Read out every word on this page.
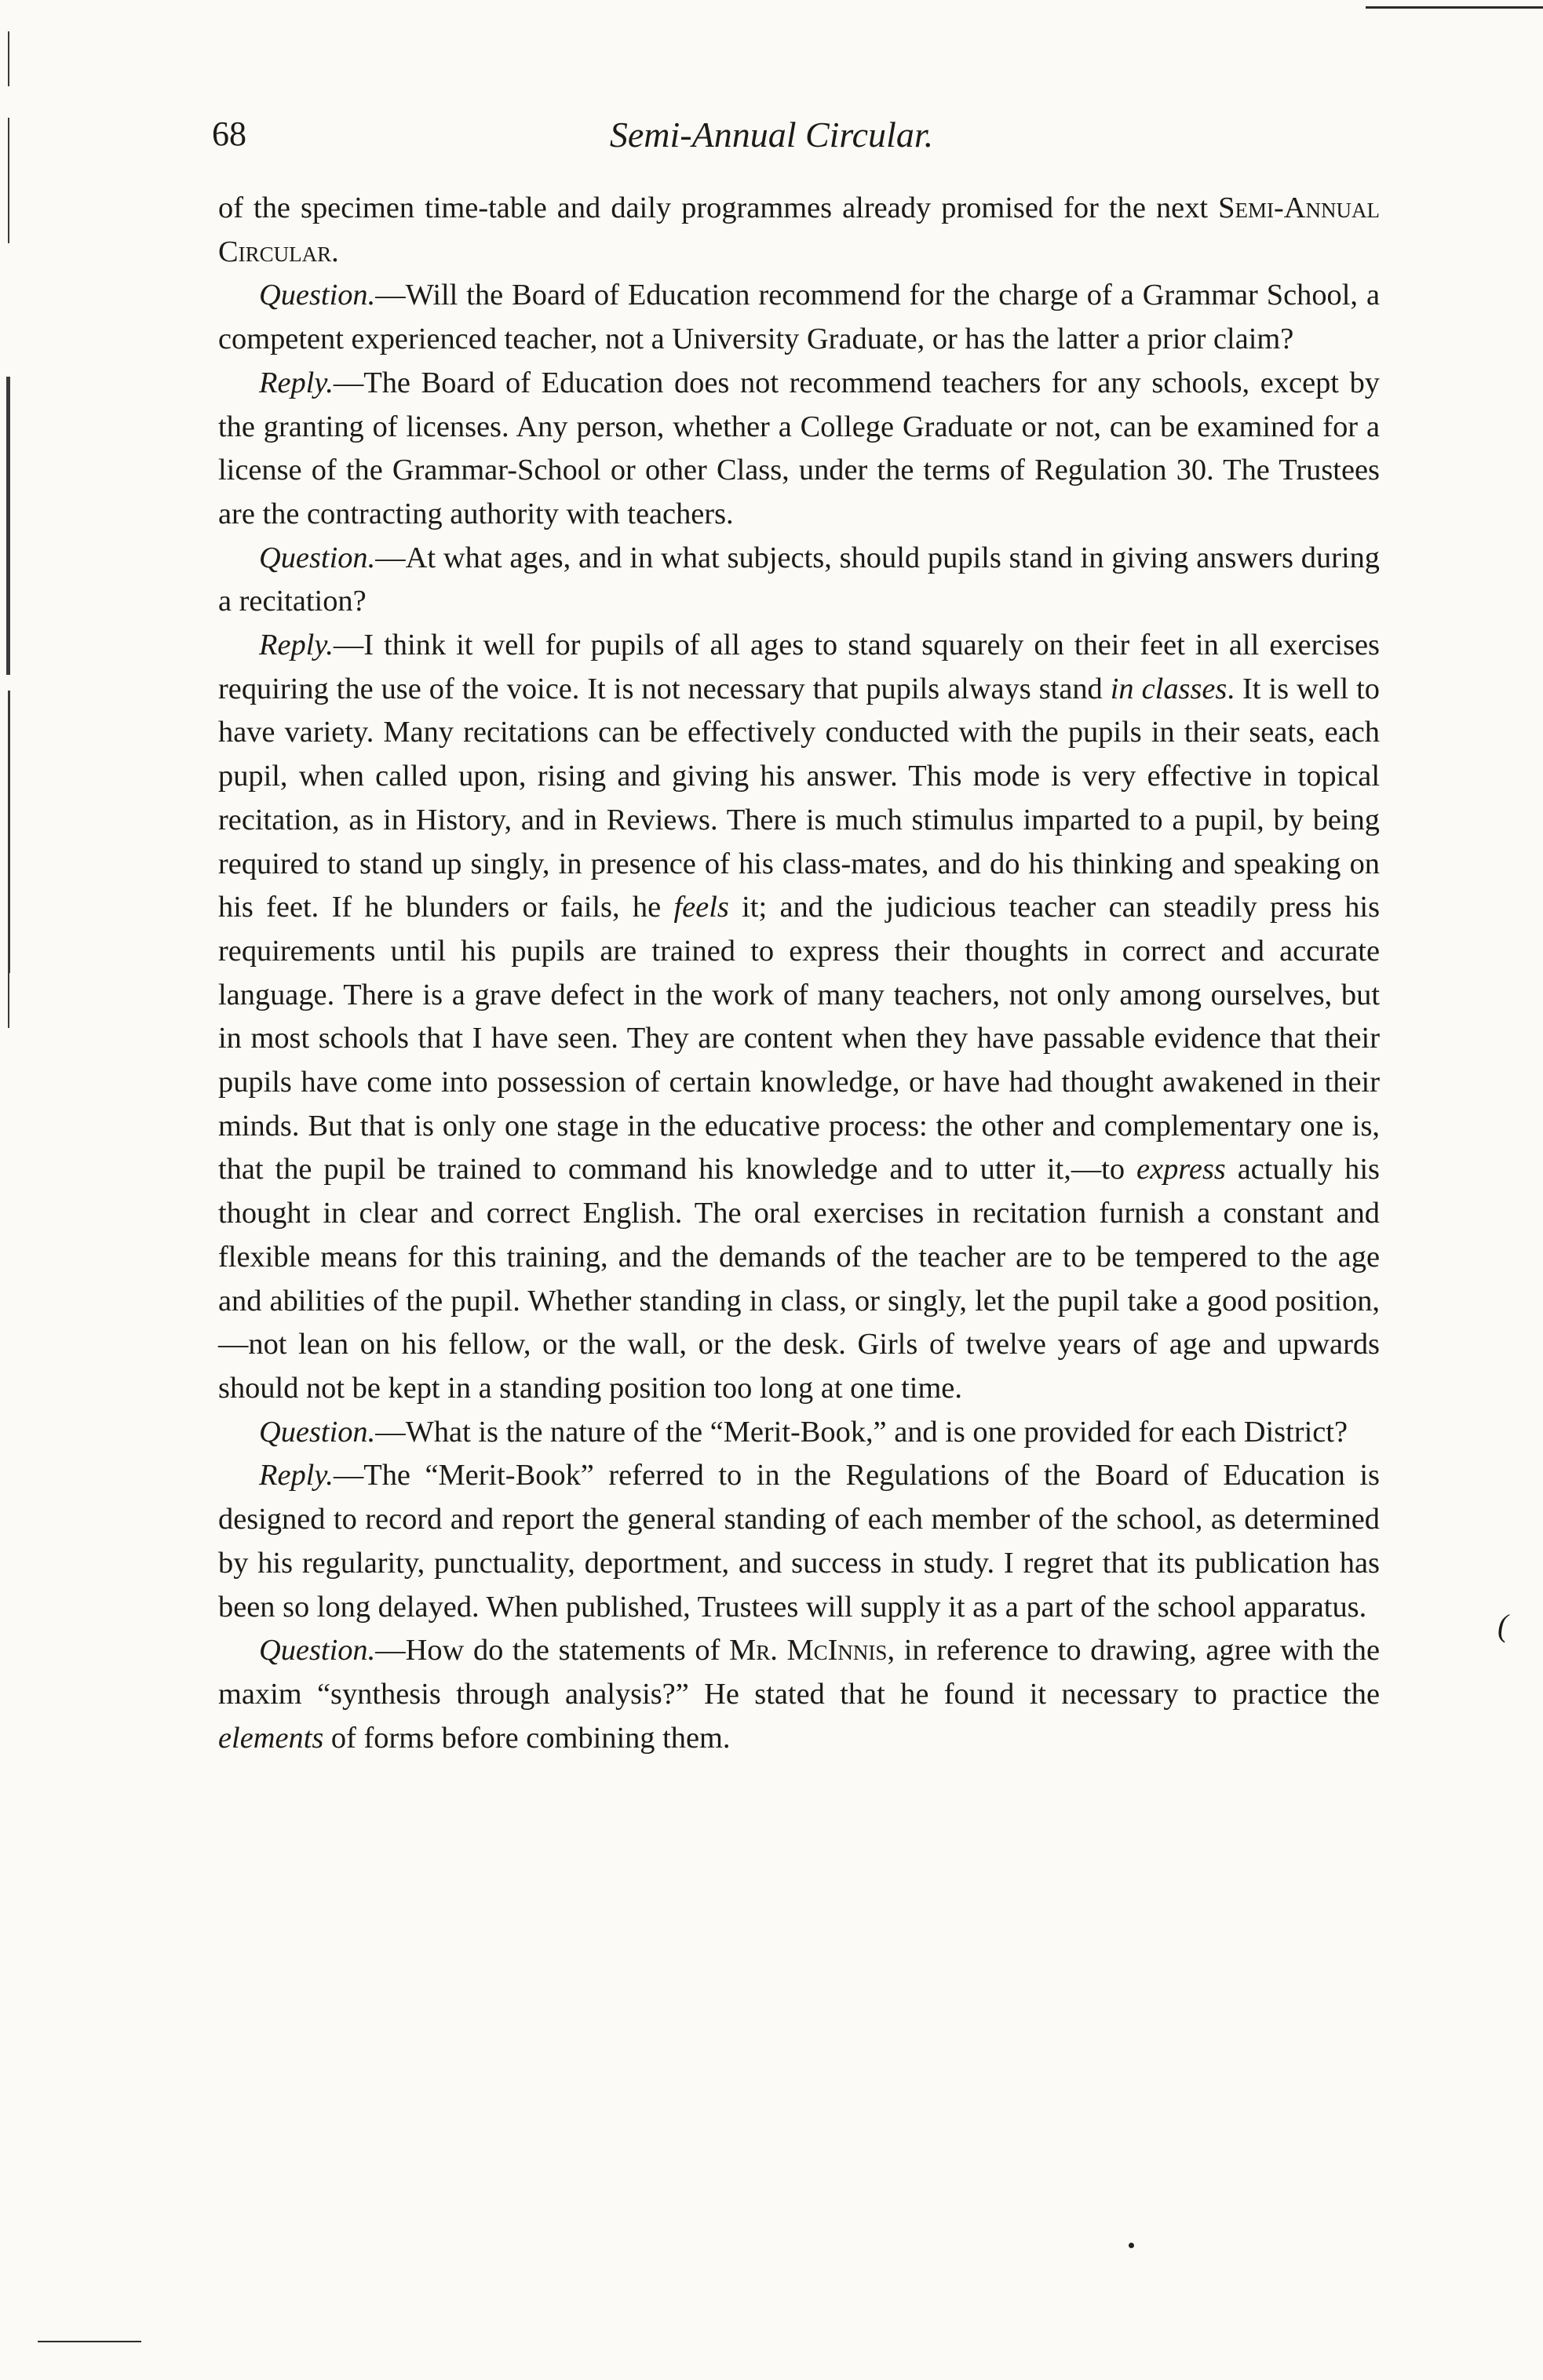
68	Semi-Annual Circular.

of the specimen time-table and daily programmes already promised for the next Semi-Annual Circular.

Question.—Will the Board of Education recommend for the charge of a Grammar School, a competent experienced teacher, not a University Graduate, or has the latter a prior claim?

Reply.—The Board of Education does not recommend teachers for any schools, except by the granting of licenses. Any person, whether a College Graduate or not, can be examined for a license of the Grammar-School or other Class, under the terms of Regulation 30. The Trustees are the contracting authority with teachers.

Question.—At what ages, and in what subjects, should pupils stand in giving answers during a recitation?

Reply.—I think it well for pupils of all ages to stand squarely on their feet in all exercises requiring the use of the voice. It is not necessary that pupils always stand in classes. It is well to have variety. Many recitations can be effectively conducted with the pupils in their seats, each pupil, when called upon, rising and giving his answer. This mode is very effective in topical recitation, as in History, and in Reviews. There is much stimulus imparted to a pupil, by being required to stand up singly, in presence of his class-mates, and do his thinking and speaking on his feet. If he blunders or fails, he feels it; and the judicious teacher can steadily press his requirements until his pupils are trained to express their thoughts in correct and accurate language. There is a grave defect in the work of many teachers, not only among ourselves, but in most schools that I have seen. They are content when they have passable evidence that their pupils have come into possession of certain knowledge, or have had thought awakened in their minds. But that is only one stage in the educative process: the other and complementary one is, that the pupil be trained to command his knowledge and to utter it,—to express actually his thought in clear and correct English. The oral exercises in recitation furnish a constant and flexible means for this training, and the demands of the teacher are to be tempered to the age and abilities of the pupil. Whether standing in class, or singly, let the pupil take a good position,—not lean on his fellow, or the wall, or the desk. Girls of twelve years of age and upwards should not be kept in a standing position too long at one time.

Question.—What is the nature of the “Merit-Book,” and is one provided for each District?

Reply.—The “Merit-Book” referred to in the Regulations of the Board of Education is designed to record and report the general standing of each member of the school, as determined by his regularity, punctuality, deportment, and success in study. I regret that its publication has been so long delayed. When published, Trustees will supply it as a part of the school apparatus.

Question.—How do the statements of Mr. McInnis, in reference to drawing, agree with the maxim “synthesis through analysis?” He stated that he found it necessary to practice the elements of forms before combining them.

(
